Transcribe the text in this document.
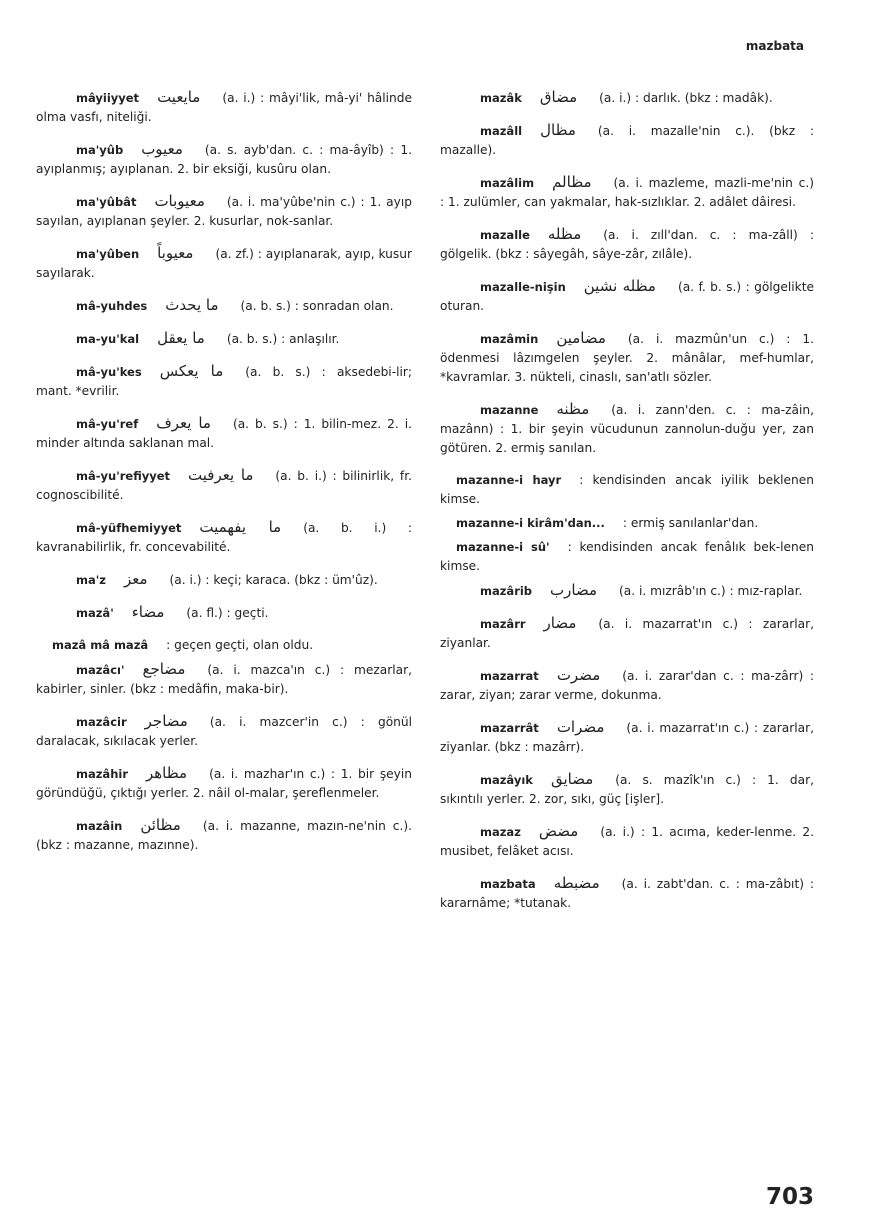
mazbata
mâyiiyyet مایعیت (a. i.) : mâyi'lik, mâ-yi' hâlinde olma vasfı, niteliği.
ma'yûb معیوب (a. s. ayb'dan. c. : ma-âyîb) : 1. ayıplanmış; ayıplanan. 2. bir eksiği, kusûru olan.
ma'yûbât معیوبات (a. i. ma'yûbe'nin c.) : 1. ayıp sayılan, ayıplanan şeyler. 2. kusurlar, nok-sanlar.
ma'yûben معیوباً (a. zf.) : ayıplanarak, ayıp, kusur sayılarak.
mâ-yuhdes ما یحدث (a. b. s.) : sonradan olan.
ma-yu'kal ما یعقل (a. b. s.) : anlaşılır.
mâ-yu'kes ما یعکس (a. b. s.) : aksedebi-lir; mant. *evrilir.
mâ-yu'ref ما یعرف (a. b. s.) : 1. bilin-mez. 2. i. minder altında saklanan mal.
mâ-yu'refiyyet ما یعرفیت (a. b. i.) : bilinirlik, fr. cognoscibilité.
mâ-yüfhemiyyet ما یفهمیت (a. b. i.) : kavranabilirlik, fr. concevabilité.
ma'z معز (a. i.) : keçi; karaca. (bkz : üm'ûz).
mazâ' مضاء (a. fl.) : geçti.
mazâ mâ mazâ : geçen geçti, olan oldu.
mazâcı' مضاجع (a. i. mazca'ın c.) : mezarlar, kabirler, sinler. (bkz : medâfin, maka-bir).
mazâcir مضاجر (a. i. mazcer'in c.) : gönül daralacak, sıkılacak yerler.
mazâhir مظاهر (a. i. mazhar'ın c.) : 1. bir şeyin göründüğü, çıktığı yerler. 2. nâil ol-malar, şereflenmeler.
mazâin مظائن (a. i. mazanne, mazın-ne'nin c.). (bkz : mazanne, mazınne).
mazâk مضاق (a. i.) : darlık. (bkz : madâk).
mazâll مظال (a. i. mazalle'nin c.). (bkz : mazalle).
mazâlim مظالم (a. i. mazleme, mazli-me'nin c.) : 1. zulümler, can yakmalar, hak-sızlıklar. 2. adâlet dâiresi.
mazalle مظله (a. i. zıll'dan. c. : ma-zâll) : gölgelik. (bkz : sâyegâh, sâye-zâr, zılâle).
mazalle-nişin مظله نشین (a. f. b. s.) : gölgelikte oturan.
mazâmin مضامین (a. i. mazmûn'un c.) : 1. ödenmesi lâzımgelen şeyler. 2. mânâlar, mef-humlar, *kavramlar. 3. nükteli, cinaslı, san'atlı sözler.
mazanne مظنه (a. i. zann'den. c. : ma-zâin, mazânn) : 1. bir şeyin vücudunun zannolun-duğu yer, zan götüren. 2. ermiş sanılan.
mazanne-i hayr : kendisinden ancak iyilik beklenen kimse.
mazanne-i kirâm'dan... : ermiş sanılanlar'dan.
mazanne-i sû' : kendisinden ancak fenâlık bek-lenen kimse.
mazârib مضارب (a. i. mızrâb'ın c.) : mız-raplar.
mazârr مضار (a. i. mazarrat'ın c.) : zararlar, ziyanlar.
mazarrat مضرت (a. i. zarar'dan c. : ma-zârr) : zarar, ziyan; zarar verme, dokunma.
mazarrât مضرات (a. i. mazarrat'ın c.) : zararlar, ziyanlar. (bkz : mazârr).
mazâyık مضایق (a. s. mazîk'ın c.) : 1. dar, sıkıntılı yerler. 2. zor, sıkı, güç [işler].
mazaz مضض (a. i.) : 1. acıma, keder-lenme. 2. musibet, felâket acısı.
mazbata مضبطه (a. i. zabt'dan. c. : ma-zâbıt) : kararnâme; *tutanak.
703
